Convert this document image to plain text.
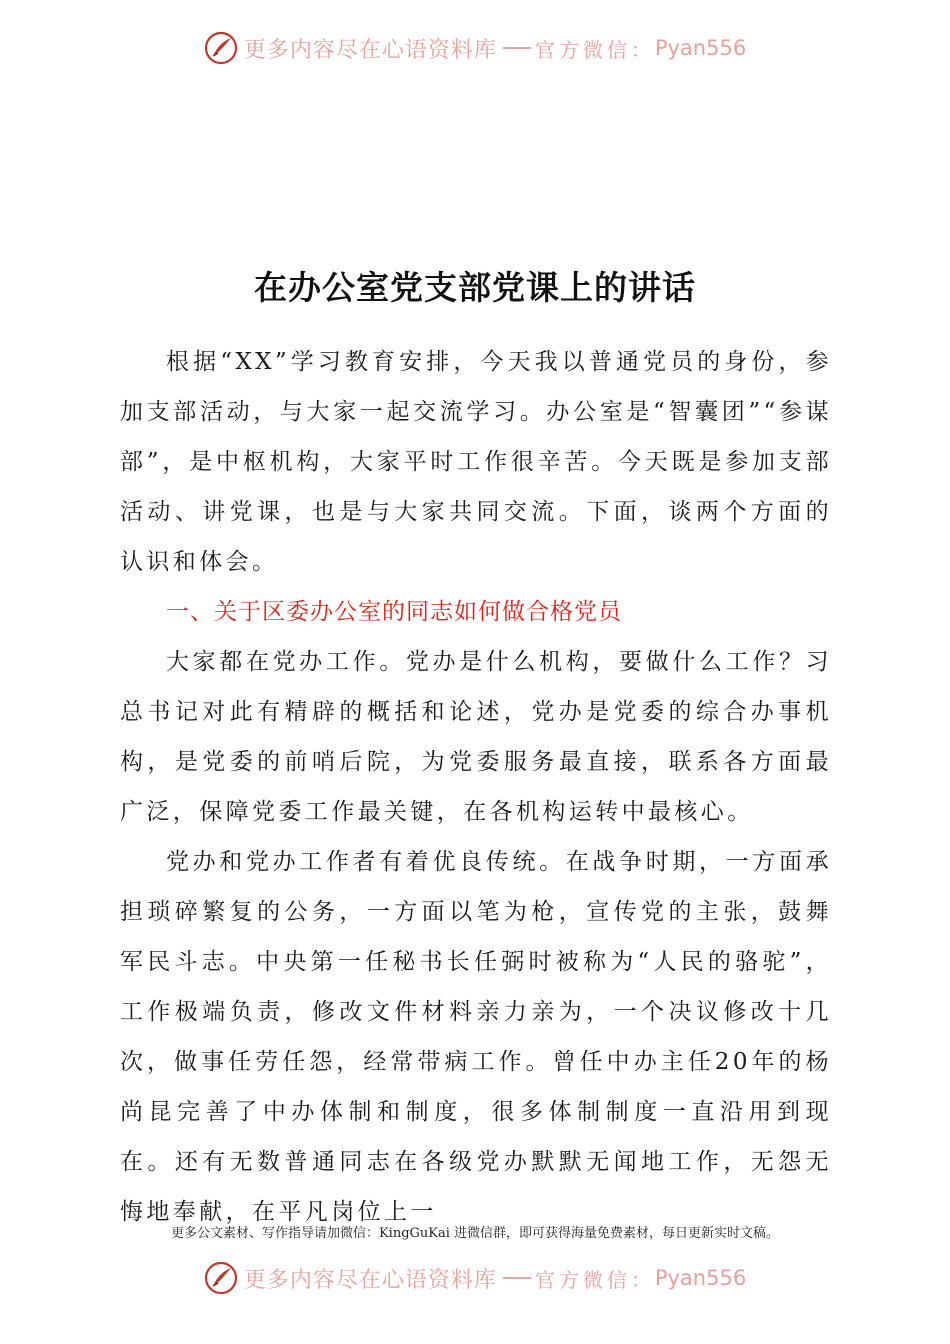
更多内容尽在心语资料库 官方微信： Pyan556
在办公室党支部党课上的讲话

根据“XX”学习教育安排，今天我以普通党员的身份，参加支部活动，与大家一起交流学习。办公室是“智囊团”“参谋部”，是中枢机构，大家平时工作很辛苦。今天既是参加支部活动、讲党课，也是与大家共同交流。下面，谈两个方面的认识和体会。

一、关于区委办公室的同志如何做合格党员

大家都在党办工作。党办是什么机构，要做什么工作？习总书记对此有精辟的概括和论述，党办是党委的综合办事机构，是党委的前哨后院，为党委服务最直接，联系各方面最广泛，保障党委工作最关键，在各机构运转中最核心。

党办和党办工作者有着优良传统。在战争时期，一方面承担琐碎繁复的公务，一方面以笔为枪，宣传党的主张，鼓舞军民斗志。中央第一任秘书长任弼时被称为“人民的骆驼”，工作极端负责，修改文件材料亲力亲为，一个决议修改十几次，做事任劳任怨，经常带病工作。曾任中办主任20年的杨尚昆完善了中办体制和制度，很多体制制度一直沿用到现在。还有无数普通同志在各级党办默默无闻地工作，无怨无悔地奉献，在平凡岗位上一

更多公文素材、写作指导请加微信：KingGuKai 进微信群，即可获得海量免费素材，每日更新实时文稿。
更多内容尽在心语资料库 官方微信： Pyan556
